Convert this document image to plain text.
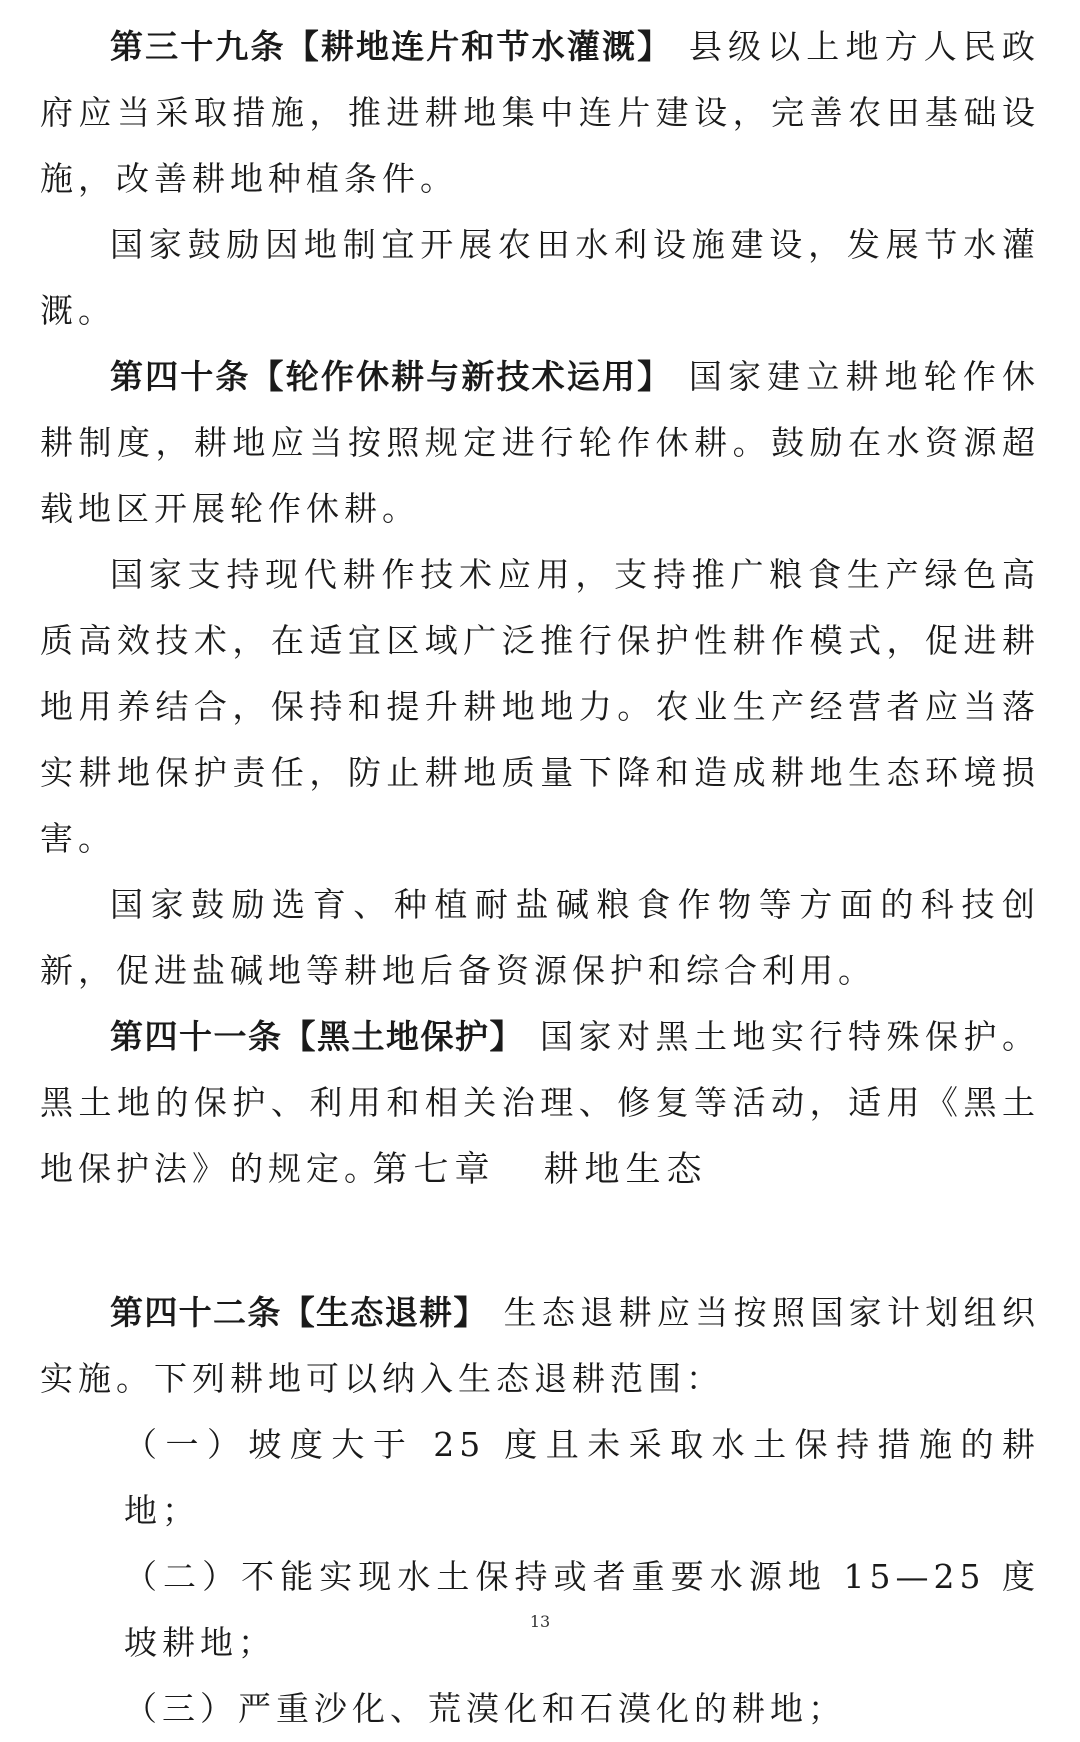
第三十九条【耕地连片和节水灌溉】 县级以上地方人民政府应当采取措施，推进耕地集中连片建设，完善农田基础设施，改善耕地种植条件。

国家鼓励因地制宜开展农田水利设施建设，发展节水灌溉。

第四十条【轮作休耕与新技术运用】 国家建立耕地轮作休耕制度，耕地应当按照规定进行轮作休耕。鼓励在水资源超载地区开展轮作休耕。

国家支持现代耕作技术应用，支持推广粮食生产绿色高质高效技术，在适宜区域广泛推行保护性耕作模式，促进耕地用养结合，保持和提升耕地地力。农业生产经营者应当落实耕地保护责任，防止耕地质量下降和造成耕地生态环境损害。

国家鼓励选育、种植耐盐碱粮食作物等方面的科技创新，促进盐碱地等耕地后备资源保护和综合利用。

第四十一条【黑土地保护】 国家对黑土地实行特殊保护。黑土地的保护、利用和相关治理、修复等活动，适用《黑土地保护法》的规定。

第七章 耕地生态

第四十二条【生态退耕】 生态退耕应当按照国家计划组织实施。下列耕地可以纳入生态退耕范围：

（一）坡度大于 25 度且未采取水土保持措施的耕地；

（二）不能实现水土保持或者重要水源地 15—25 度坡耕地；

（三）严重沙化、荒漠化和石漠化的耕地；

13
